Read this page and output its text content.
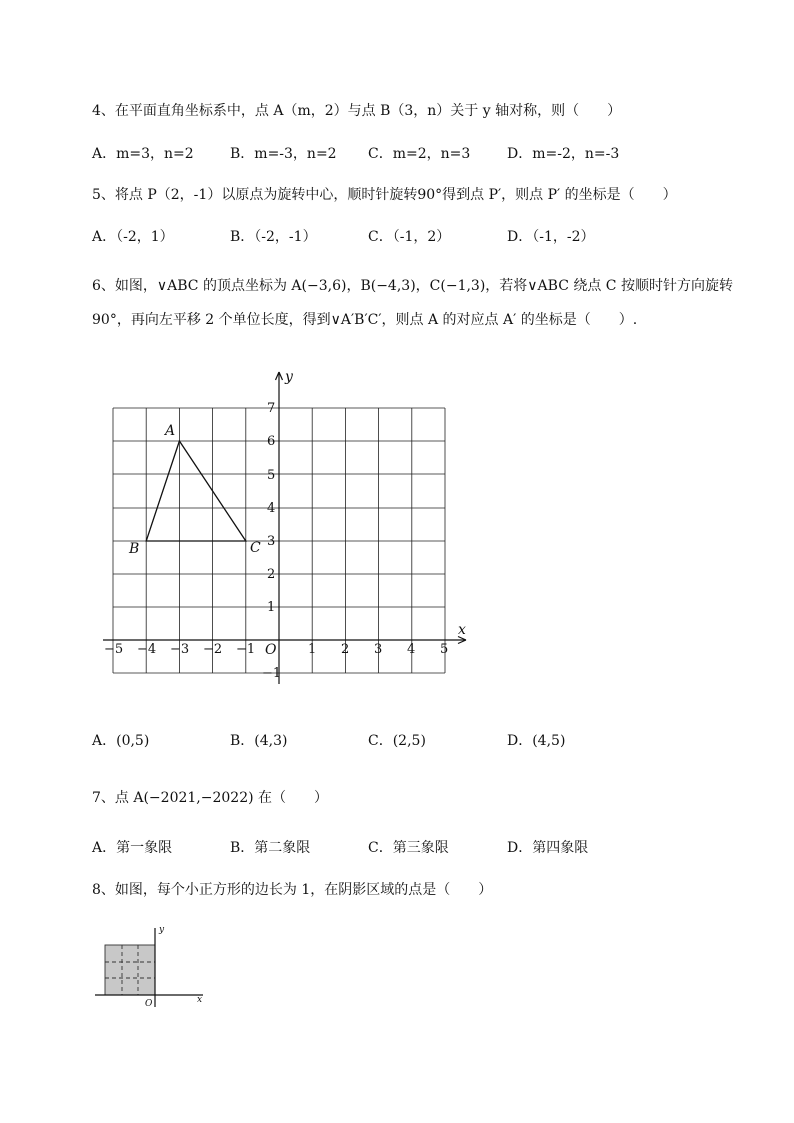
4、在平面直角坐标系中，点 A（m，2）与点 B（3，n）关于 y 轴对称，则（　　）
A．m=3，n=2	B．m=-3，n=2 C．m=2，n=3	D．m=-2，n=-3
5、将点 P（2，-1）以原点为旋转中心，顺时针旋转90°得到点 P′，则点 P′ 的坐标是（　　）
A．（-2，1）	B．（-2，-1）	C．（-1，2）	D．（-1，-2）
6、如图，∨ABC 的顶点坐标为 A(−3,6)，B(−4,3)，C(−1,3)，若将∨ABC 绕点 C 按顺时针方向旋转
90°，再向左平移 2 个单位长度，得到∨A′B′C′，则点 A 的对应点 A′ 的坐标是（　　）.
x
y
O
−5 −4 −3 −2 −1	1 2 3 4 5
7
6
5
4
3
2
1
−1
A
B	C
x
y
O
A．(0,5)	B．(4,3)	C．(2,5)	D．(4,5)
7、点 A(−2021,−2022) 在（　　）
A．第一象限	B．第二象限	C．第三象限	D．第四象限
8、如图，每个小正方形的边长为 1，在阴影区域的点是（　　）
